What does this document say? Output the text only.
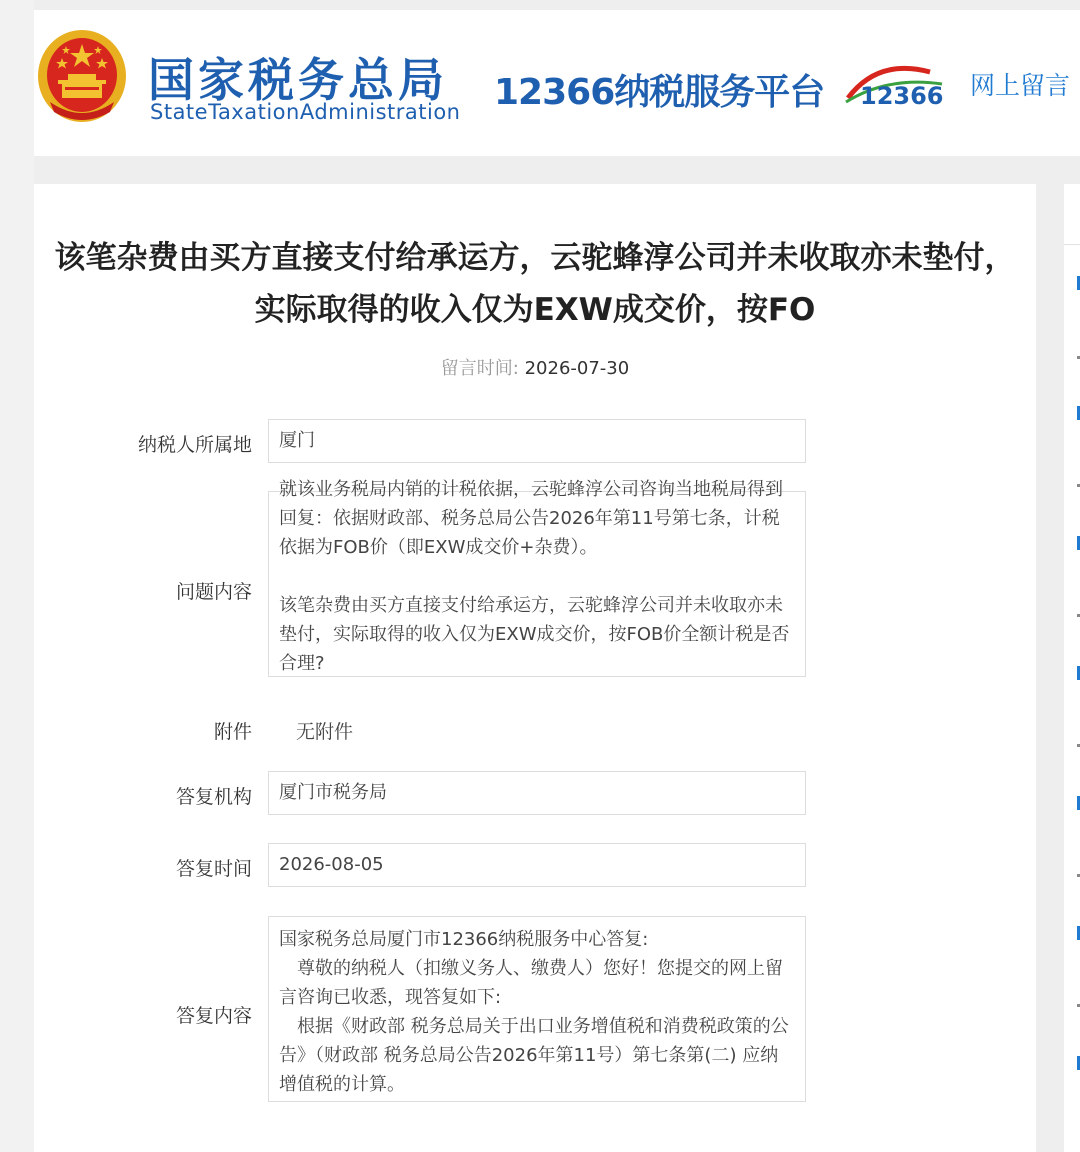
国家税务总局
StateTaxationAdministration 12366纳税服务平台 12366 网上留言
该笔杂费由买方直接支付给承运方，云驼蜂淳公司并未收取亦未垫付，实际取得的收入仅为EXW成交价，按FO
留言时间: 2026-07-30
纳税人所属地	厦门
问题内容

就该业务税局内销的计税依据，云驼蜂淳公司咨询当地税局得到回复：依据财政部、税务总局公告2026年第11号第七条，计税依据为FOB价（即EXW成交价+杂费）。

该笔杂费由买方直接支付给承运方，云驼蜂淳公司并未收取亦未垫付，实际取得的收入仅为EXW成交价，按FOB价全额计税是否合理?

附件 无附件
答复机构	厦门市税务局
答复时间	2026-08-05
答复内容

国家税务总局厦门市12366纳税服务中心答复:

　尊敬的纳税人（扣缴义务人、缴费人）您好！您提交的网上留言咨询已收悉，现答复如下:

　根据《财政部 税务总局关于出口业务增值税和消费税政策的公告》（财政部 税务总局公告2026年第11号）第七条第(二) 应纳增值税的计算。
